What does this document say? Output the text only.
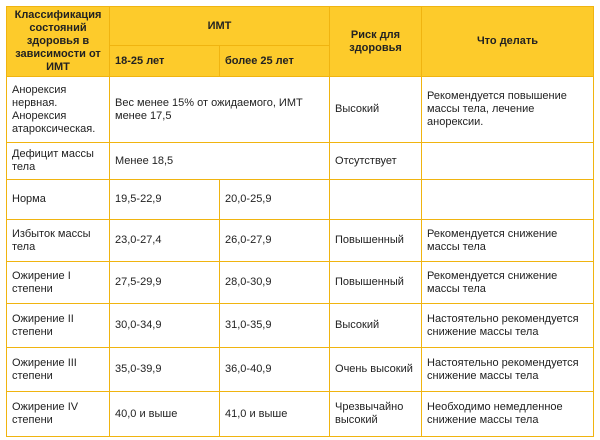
Классификация состояний здоровья в зависимости от ИМТ	ИМТ		Риск для здоровья	Что делать
	18-25 лет	более 25 лет		
Анорексия нервная. Анорексия атароксическая.	Вес менее 15% от ожидаемого, ИМТ менее 17,5		Высокий	Рекомендуется повышение массы тела, лечение анорексии.
Дефицит массы тела	Менее 18,5		Отсутствует	
Норма	19,5-22,9	20,0-25,9		
Избыток массы тела	23,0-27,4	26,0-27,9	Повышенный	Рекомендуется снижение массы тела
Ожирение I степени	27,5-29,9	28,0-30,9	Повышенный	Рекомендуется снижение массы тела
Ожирение II степени	30,0-34,9	31,0-35,9	Высокий	Настоятельно рекомендуется снижение массы тела
Ожирение III степени	35,0-39,9	36,0-40,9	Очень высокий	Настоятельно рекомендуется снижение массы тела
Ожирение IV степени	40,0 и выше	41,0 и выше	Чрезвычайно высокий	Необходимо немедленное снижение массы тела
